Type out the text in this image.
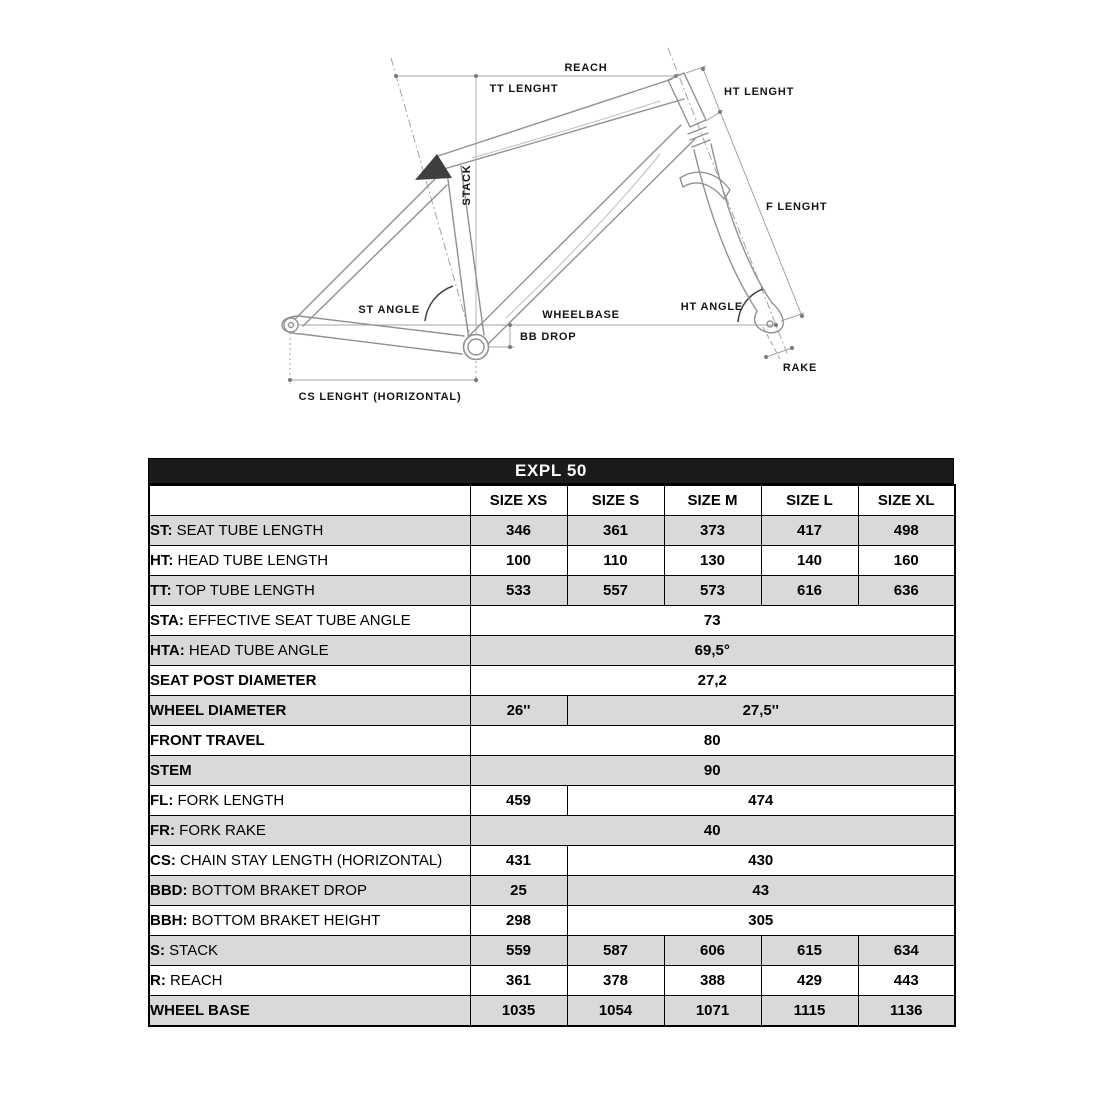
REACH
TT LENGHT	HT LENGHT
F LENGHT
STACK
ST ANGLE	HT ANGLE
WHEELBASE
BB DROP
RAKE
CS LENGHT (HORIZONTAL)
EXPL 50
	SIZE XS	SIZE S	SIZE M	SIZE L	SIZE XL
ST: SEAT TUBE LENGTH	346	361	373	417	498
HT: HEAD TUBE LENGTH	100	110	130	140	160
TT: TOP TUBE LENGTH	533	557	573	616	636
STA: EFFECTIVE SEAT TUBE ANGLE	73				
HTA: HEAD TUBE ANGLE	69,5°				
SEAT POST DIAMETER	27,2				
WHEEL DIAMETER	26''	27,5''			
FRONT TRAVEL	80				
STEM	90				
FL: FORK LENGTH	459	474			
FR: FORK RAKE	40				
CS: CHAIN STAY LENGTH (HORIZONTAL)	431	430			
BBD: BOTTOM BRAKET DROP	25	43			
BBH: BOTTOM BRAKET HEIGHT	298	305			
S: STACK	559	587	606	615	634
R: REACH	361	378	388	429	443
WHEEL BASE	1035	1054	1071	1115	1136
